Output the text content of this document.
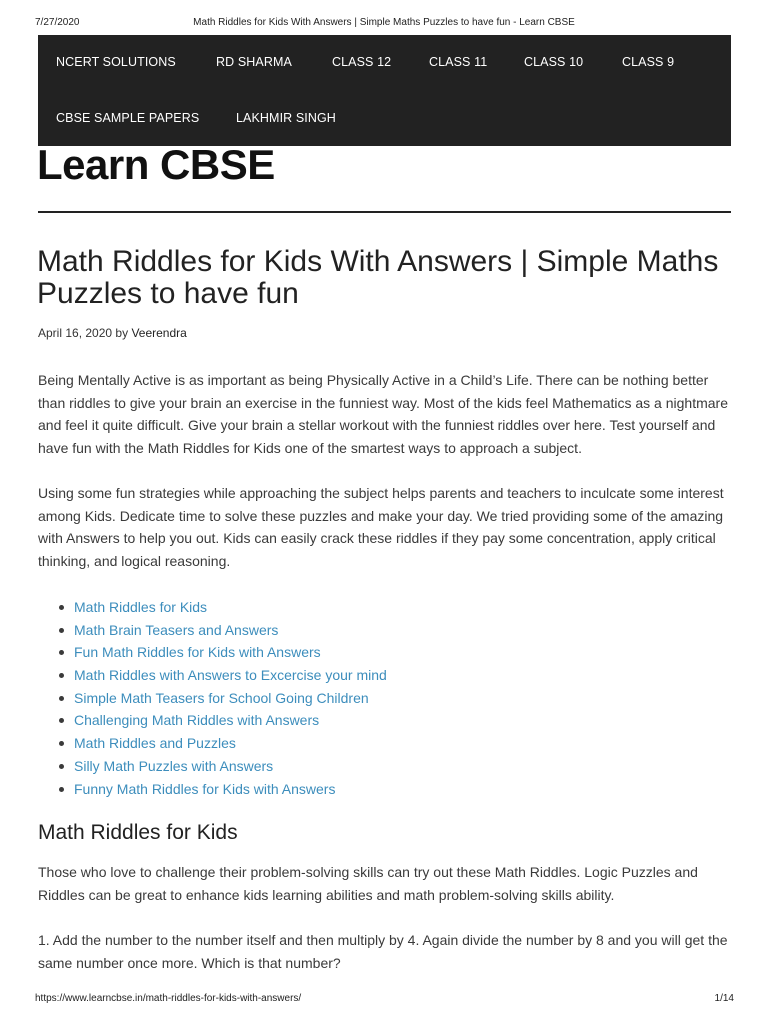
7/27/2020	Math Riddles for Kids With Answers | Simple Maths Puzzles to have fun - Learn CBSE
NCERT SOLUTIONS	RD SHARMA	CLASS 12	CLASS 11	CLASS 10	CLASS 9
CBSE SAMPLE PAPERS	LAKHMIR SINGH
Learn CBSE
Math Riddles for Kids With Answers | Simple Maths Puzzles to have fun
April 16, 2020 by Veerendra

Being Mentally Active is as important as being Physically Active in a Child’s Life. There can be nothing better than riddles to give your brain an exercise in the funniest way. Most of the kids feel Mathematics as a nightmare and feel it quite difficult. Give your brain a stellar workout with the funniest riddles over here. Test yourself and have fun with the Math Riddles for Kids one of the smartest ways to approach a subject.

Using some fun strategies while approaching the subject helps parents and teachers to inculcate some interest among Kids. Dedicate time to solve these puzzles and make your day. We tried providing some of the amazing with Answers to help you out. Kids can easily crack these riddles if they pay some concentration, apply critical thinking, and logical reasoning.

Math Riddles for Kids
Math Brain Teasers and Answers
Fun Math Riddles for Kids with Answers
Math Riddles with Answers to Excercise your mind
Simple Math Teasers for School Going Children
Challenging Math Riddles with Answers
Math Riddles and Puzzles
Silly Math Puzzles with Answers
Funny Math Riddles for Kids with Answers
Math Riddles for Kids

Those who love to challenge their problem-solving skills can try out these Math Riddles. Logic Puzzles and Riddles can be great to enhance kids learning abilities and math problem-solving skills ability.

1. Add the number to the number itself and then multiply by 4. Again divide the number by 8 and you will get the same number once more. Which is that number?

https://www.learncbse.in/math-riddles-for-kids-with-answers/	1/14
